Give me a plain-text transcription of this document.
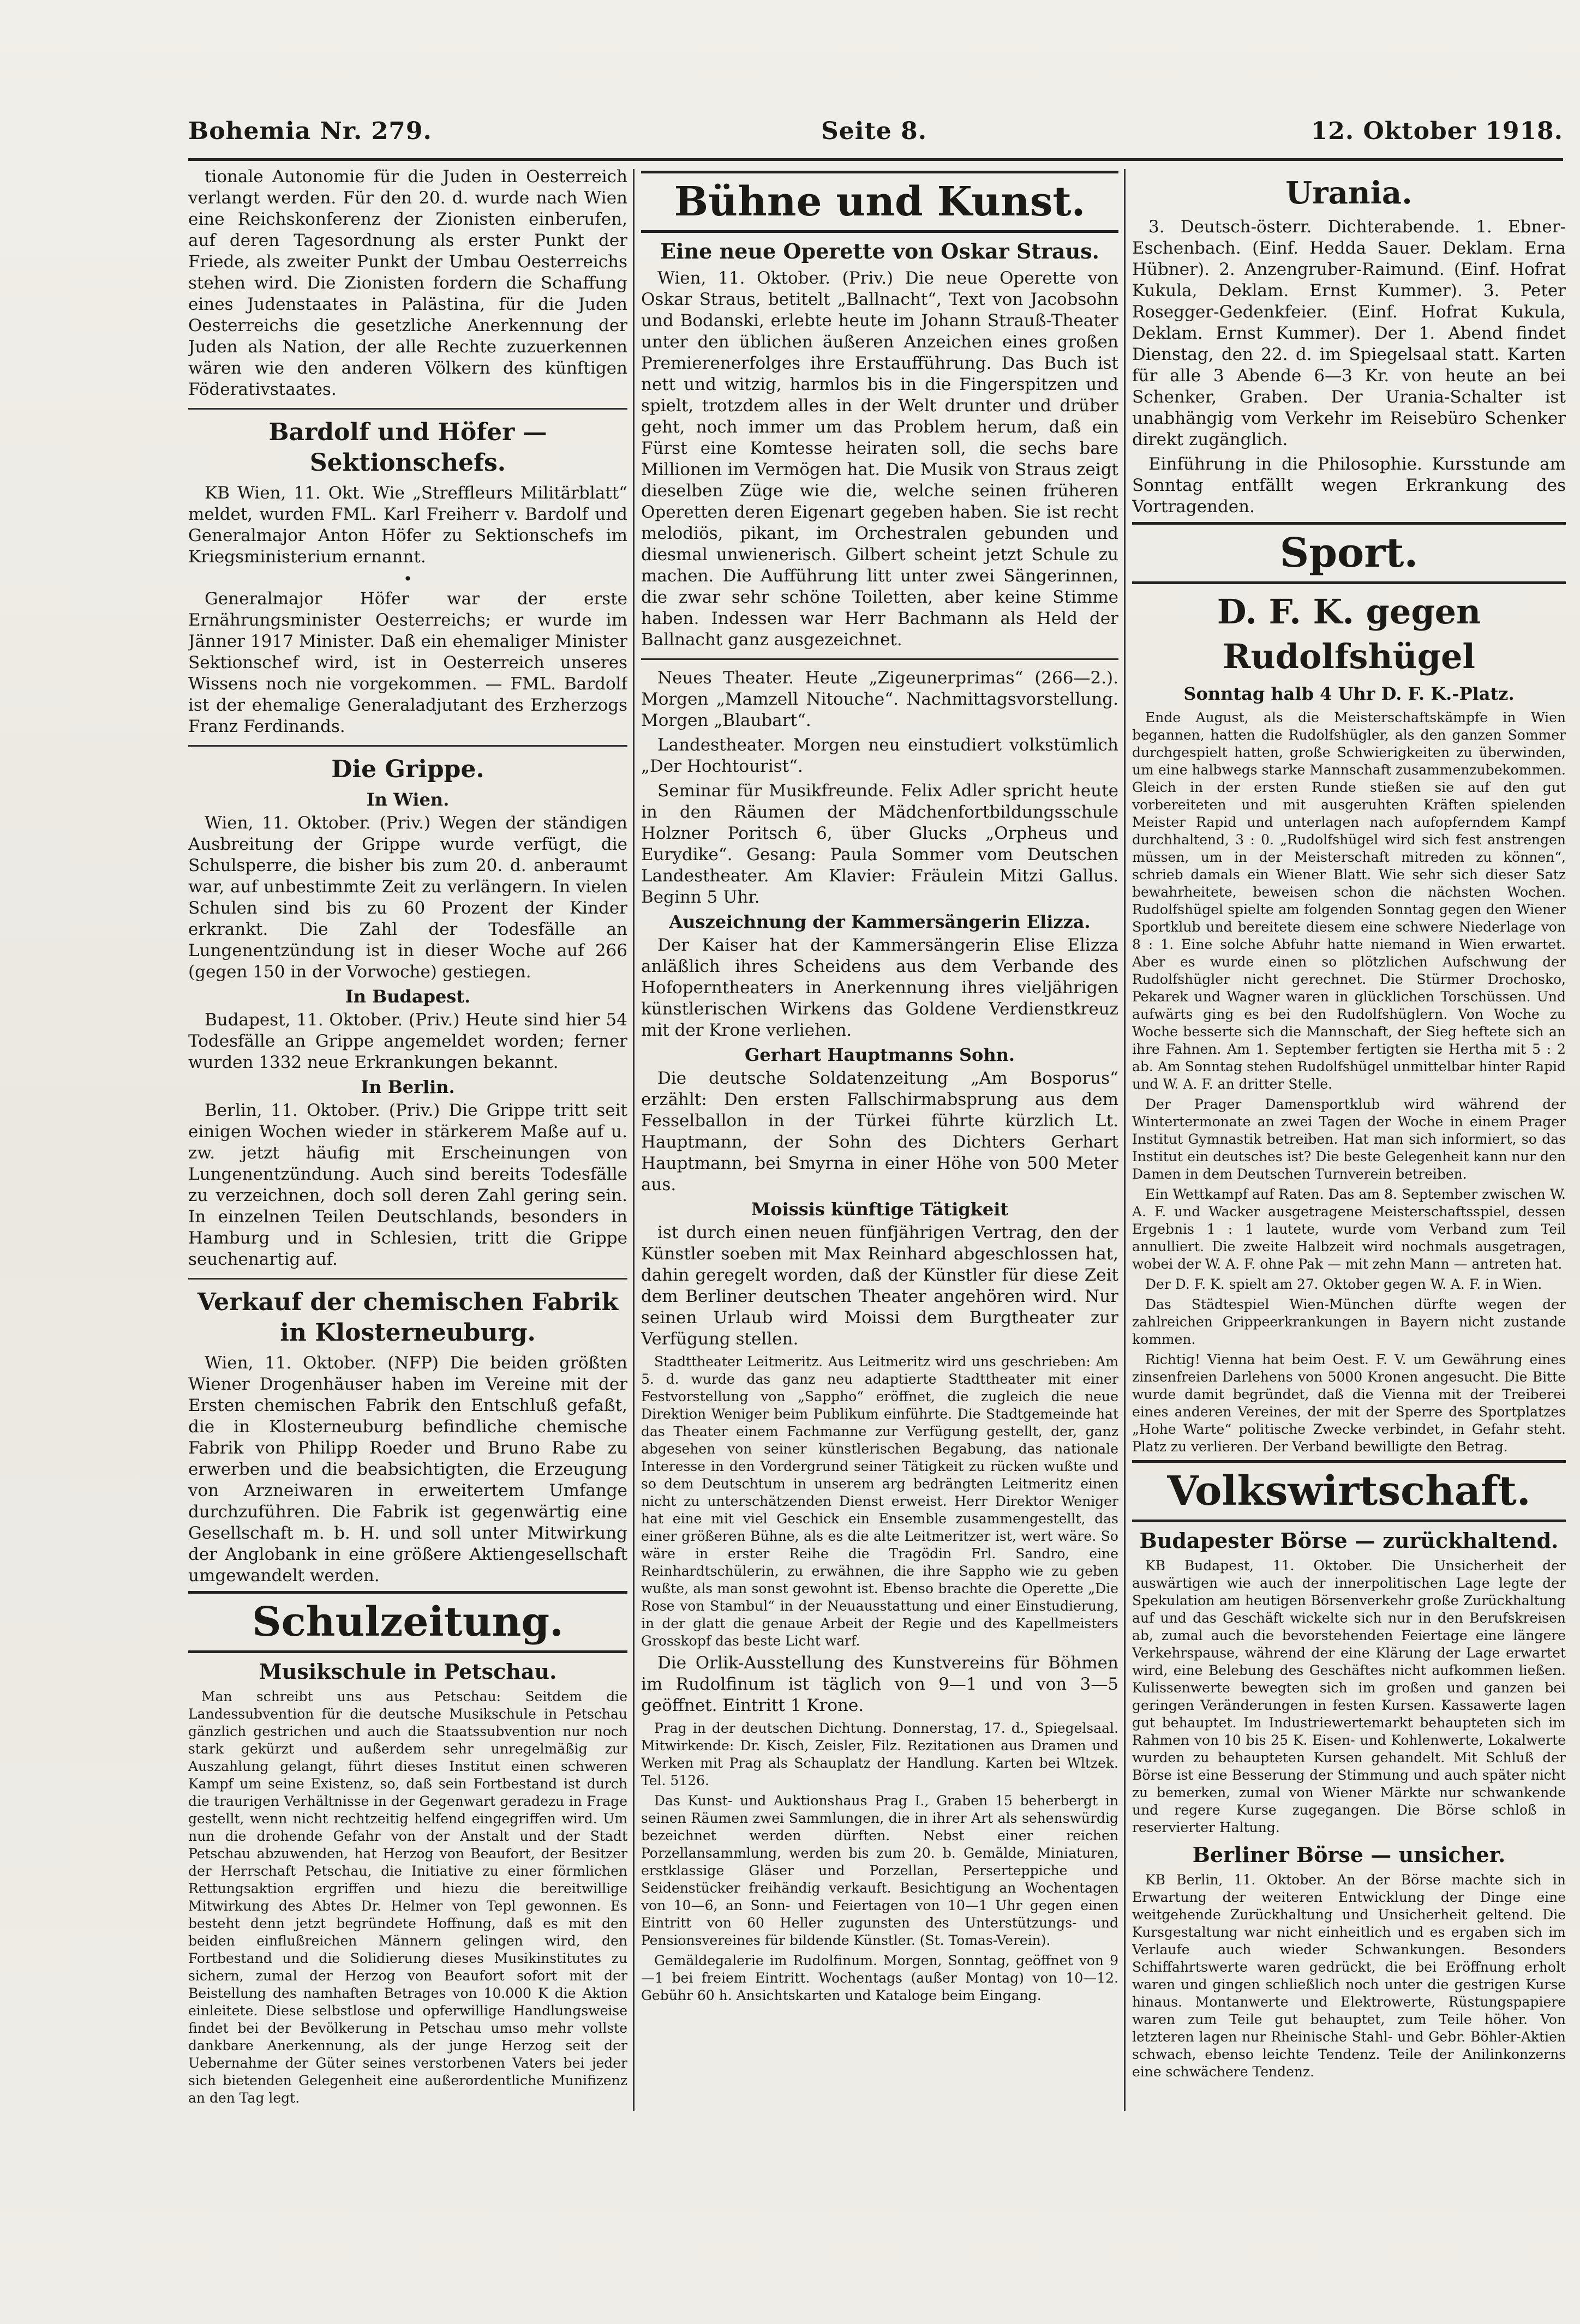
Bohemia Nr. 279.	Seite 8.	12. Oktober 1918.

tionale Autonomie für die Juden in Oesterreich verlangt werden. Für den 20. d. wurde nach Wien eine Reichskonferenz der Zionisten einberufen, auf deren Tagesordnung als erster Punkt der Friede, als zweiter Punkt der Umbau Oesterreichs stehen wird. Die Zionisten fordern die Schaffung eines Judenstaates in Palästina, für die Juden Oesterreichs die gesetzliche Anerkennung der Juden als Nation, der alle Rechte zuzuerkennen wären wie den anderen Völkern des künftigen Föderativstaates.

Bardolf und Höfer — Sektionschefs.

KB Wien, 11. Okt. Wie „Streffleurs Militärblatt“ meldet, wurden FML. Karl Freiherr v. Bardolf und Generalmajor Anton Höfer zu Sektionschefs im Kriegsministerium ernannt.

•

Generalmajor Höfer war der erste Ernährungsminister Oesterreichs; er wurde im Jänner 1917 Minister. Daß ein ehemaliger Minister Sektionschef wird, ist in Oesterreich unseres Wissens noch nie vorgekommen. — FML. Bardolf ist der ehemalige Generaladjutant des Erzherzogs Franz Ferdinands.

Die Grippe.
In Wien.

Wien, 11. Oktober. (Priv.) Wegen der ständigen Ausbreitung der Grippe wurde verfügt, die Schulsperre, die bisher bis zum 20. d. anberaumt war, auf unbestimmte Zeit zu verlängern. In vielen Schulen sind bis zu 60 Prozent der Kinder erkrankt. Die Zahl der Todesfälle an Lungenentzündung ist in dieser Woche auf 266 (gegen 150 in der Vorwoche) gestiegen.

In Budapest.

Budapest, 11. Oktober. (Priv.) Heute sind hier 54 Todesfälle an Grippe angemeldet worden; ferner wurden 1332 neue Erkrankungen bekannt.

In Berlin.

Berlin, 11. Oktober. (Priv.) Die Grippe tritt seit einigen Wochen wieder in stärkerem Maße auf u. zw. jetzt häufig mit Erscheinungen von Lungenentzündung. Auch sind bereits Todesfälle zu verzeichnen, doch soll deren Zahl gering sein. In einzelnen Teilen Deutschlands, besonders in Hamburg und in Schlesien, tritt die Grippe seuchenartig auf.

Verkauf der chemischen Fabrik in Klosterneuburg.

Wien, 11. Oktober. (NFP) Die beiden größten Wiener Drogenhäuser haben im Vereine mit der Ersten chemischen Fabrik den Entschluß gefaßt, die in Klosterneuburg befindliche chemische Fabrik von Philipp Roeder und Bruno Rabe zu erwerben und die beabsichtigten, die Erzeugung von Arzneiwaren in erweitertem Umfange durchzuführen. Die Fabrik ist gegenwärtig eine Gesellschaft m. b. H. und soll unter Mitwirkung der Anglobank in eine größere Aktiengesellschaft umgewandelt werden.

Schulzeitung.
Musikschule in Petschau.

Man schreibt uns aus Petschau: Seitdem die Landessubvention für die deutsche Musikschule in Petschau gänzlich gestrichen und auch die Staatssubvention nur noch stark gekürzt und außerdem sehr unregelmäßig zur Auszahlung gelangt, führt dieses Institut einen schweren Kampf um seine Existenz, so, daß sein Fortbestand ist durch die traurigen Verhältnisse in der Gegenwart geradezu in Frage gestellt, wenn nicht rechtzeitig helfend eingegriffen wird. Um nun die drohende Gefahr von der Anstalt und der Stadt Petschau abzuwenden, hat Herzog von Beaufort, der Besitzer der Herrschaft Petschau, die Initiative zu einer förmlichen Rettungsaktion ergriffen und hiezu die bereitwillige Mitwirkung des Abtes Dr. Helmer von Tepl gewonnen. Es besteht denn jetzt begründete Hoffnung, daß es mit den beiden einflußreichen Männern gelingen wird, den Fortbestand und die Solidierung dieses Musikinstitutes zu sichern, zumal der Herzog von Beaufort sofort mit der Beistellung des namhaften Betrages von 10.000 K die Aktion einleitete. Diese selbstlose und opferwillige Handlungsweise findet bei der Bevölkerung in Petschau umso mehr vollste dankbare Anerkennung, als der junge Herzog seit der Uebernahme der Güter seines verstorbenen Vaters bei jeder sich bietenden Gelegenheit eine außerordentliche Munifizenz an den Tag legt.

Bühne und Kunst.
Eine neue Operette von Oskar Straus.

Wien, 11. Oktober. (Priv.) Die neue Operette von Oskar Straus, betitelt „Ballnacht“, Text von Jacobsohn und Bodanski, erlebte heute im Johann Strauß-Theater unter den üblichen äußeren Anzeichen eines großen Premierenerfolges ihre Erstaufführung. Das Buch ist nett und witzig, harmlos bis in die Fingerspitzen und spielt, trotzdem alles in der Welt drunter und drüber geht, noch immer um das Problem herum, daß ein Fürst eine Komtesse heiraten soll, die sechs bare Millionen im Vermögen hat. Die Musik von Straus zeigt dieselben Züge wie die, welche seinen früheren Operetten deren Eigenart gegeben haben. Sie ist recht melodiös, pikant, im Orchestralen gebunden und diesmal unwienerisch. Gilbert scheint jetzt Schule zu machen. Die Aufführung litt unter zwei Sängerinnen, die zwar sehr schöne Toiletten, aber keine Stimme haben. Indessen war Herr Bachmann als Held der Ballnacht ganz ausgezeichnet.

Neues Theater. Heute „Zigeunerprimas“ (266—2.). Morgen „Mamzell Nitouche“. Nachmittagsvorstellung. Morgen „Blaubart“.

Landestheater. Morgen neu einstudiert volkstümlich „Der Hochtourist“.

Seminar für Musikfreunde. Felix Adler spricht heute in den Räumen der Mädchenfortbildungsschule Holzner Poritsch 6, über Glucks „Orpheus und Eurydike“. Gesang: Paula Sommer vom Deutschen Landestheater. Am Klavier: Fräulein Mitzi Gallus. Beginn 5 Uhr.

Auszeichnung der Kammersängerin Elizza.

Der Kaiser hat der Kammersängerin Elise Elizza anläßlich ihres Scheidens aus dem Verbande des Hofoperntheaters in Anerkennung ihres vieljährigen künstlerischen Wirkens das Goldene Verdienstkreuz mit der Krone verliehen.

Gerhart Hauptmanns Sohn.

Die deutsche Soldatenzeitung „Am Bosporus“ erzählt: Den ersten Fallschirmabsprung aus dem Fesselballon in der Türkei führte kürzlich Lt. Hauptmann, der Sohn des Dichters Gerhart Hauptmann, bei Smyrna in einer Höhe von 500 Meter aus.

Moissis künftige Tätigkeit

ist durch einen neuen fünfjährigen Vertrag, den der Künstler soeben mit Max Reinhard abgeschlossen hat, dahin geregelt worden, daß der Künstler für diese Zeit dem Berliner deutschen Theater angehören wird. Nur seinen Urlaub wird Moissi dem Burgtheater zur Verfügung stellen.

Stadttheater Leitmeritz. Aus Leitmeritz wird uns geschrieben: Am 5. d. wurde das ganz neu adaptierte Stadttheater mit einer Festvorstellung von „Sappho“ eröffnet, die zugleich die neue Direktion Weniger beim Publikum einführte. Die Stadtgemeinde hat das Theater einem Fachmanne zur Verfügung gestellt, der, ganz abgesehen von seiner künstlerischen Begabung, das nationale Interesse in den Vordergrund seiner Tätigkeit zu rücken wußte und so dem Deutschtum in unserem arg bedrängten Leitmeritz einen nicht zu unterschätzenden Dienst erweist. Herr Direktor Weniger hat eine mit viel Geschick ein Ensemble zusammengestellt, das einer größeren Bühne, als es die alte Leitmeritzer ist, wert wäre. So wäre in erster Reihe die Tragödin Frl. Sandro, eine Reinhardtschülerin, zu erwähnen, die ihre Sappho wie zu geben wußte, als man sonst gewohnt ist. Ebenso brachte die Operette „Die Rose von Stambul“ in der Neuausstattung und einer Einstudierung, in der glatt die genaue Arbeit der Regie und des Kapellmeisters Grosskopf das beste Licht warf.

Die Orlik-Ausstellung des Kunstvereins für Böhmen im Rudolfinum ist täglich von 9—1 und von 3—5 geöffnet. Eintritt 1 Krone.

Prag in der deutschen Dichtung. Donnerstag, 17. d., Spiegelsaal. Mitwirkende: Dr. Kisch, Zeisler, Filz. Rezitationen aus Dramen und Werken mit Prag als Schauplatz der Handlung. Karten bei Wltzek. Tel. 5126.

Das Kunst- und Auktionshaus Prag I., Graben 15 beherbergt in seinen Räumen zwei Sammlungen, die in ihrer Art als sehenswürdig bezeichnet werden dürften. Nebst einer reichen Porzellansammlung, werden bis zum 20. b. Gemälde, Miniaturen, erstklassige Gläser und Porzellan, Perserteppiche und Seidenstücker freihändig verkauft. Besichtigung an Wochentagen von 10—6, an Sonn- und Feiertagen von 10—1 Uhr gegen einen Eintritt von 60 Heller zugunsten des Unterstützungs- und Pensionsvereines für bildende Künstler. (St. Tomas-Verein).

Gemäldegalerie im Rudolfinum. Morgen, Sonntag, geöffnet von 9—1 bei freiem Eintritt. Wochentags (außer Montag) von 10—12. Gebühr 60 h. Ansichtskarten und Kataloge beim Eingang.

Urania.

3. Deutsch-österr. Dichterabende. 1. Ebner-Eschenbach. (Einf. Hedda Sauer. Deklam. Erna Hübner). 2. Anzengruber-Raimund. (Einf. Hofrat Kukula, Deklam. Ernst Kummer). 3. Peter Rosegger-Gedenkfeier. (Einf. Hofrat Kukula, Deklam. Ernst Kummer). Der 1. Abend findet Dienstag, den 22. d. im Spiegelsaal statt. Karten für alle 3 Abende 6—3 Kr. von heute an bei Schenker, Graben. Der Urania-Schalter ist unabhängig vom Verkehr im Reisebüro Schenker direkt zugänglich.

Einführung in die Philosophie. Kursstunde am Sonntag entfällt wegen Erkrankung des Vortragenden.

Sport.
D. F. K. gegen Rudolfshügel
Sonntag halb 4 Uhr D. F. K.-Platz.

Ende August, als die Meisterschaftskämpfe in Wien begannen, hatten die Rudolfshügler, als den ganzen Sommer durchgespielt hatten, große Schwierigkeiten zu überwinden, um eine halbwegs starke Mannschaft zusammenzubekommen. Gleich in der ersten Runde stießen sie auf den gut vorbereiteten und mit ausgeruhten Kräften spielenden Meister Rapid und unterlagen nach aufopferndem Kampf durchhaltend, 3 : 0. „Rudolfshügel wird sich fest anstrengen müssen, um in der Meisterschaft mitreden zu können“, schrieb damals ein Wiener Blatt. Wie sehr sich dieser Satz bewahrheitete, beweisen schon die nächsten Wochen. Rudolfshügel spielte am folgenden Sonntag gegen den Wiener Sportklub und bereitete diesem eine schwere Niederlage von 8 : 1. Eine solche Abfuhr hatte niemand in Wien erwartet. Aber es wurde einen so plötzlichen Aufschwung der Rudolfshügler nicht gerechnet. Die Stürmer Drochosko, Pekarek und Wagner waren in glücklichen Torschüssen. Und aufwärts ging es bei den Rudolfshüglern. Von Woche zu Woche besserte sich die Mannschaft, der Sieg heftete sich an ihre Fahnen. Am 1. September fertigten sie Hertha mit 5 : 2 ab. Am Sonntag stehen Rudolfshügel unmittelbar hinter Rapid und W. A. F. an dritter Stelle.

Der Prager Damensportklub wird während der Wintertermonate an zwei Tagen der Woche in einem Prager Institut Gymnastik betreiben. Hat man sich informiert, so das Institut ein deutsches ist? Die beste Gelegenheit kann nur den Damen in dem Deutschen Turnverein betreiben.

Ein Wettkampf auf Raten. Das am 8. September zwischen W. A. F. und Wacker ausgetragene Meisterschaftsspiel, dessen Ergebnis 1 : 1 lautete, wurde vom Verband zum Teil annulliert. Die zweite Halbzeit wird nochmals ausgetragen, wobei der W. A. F. ohne Pak — mit zehn Mann — antreten hat.

Der D. F. K. spielt am 27. Oktober gegen W. A. F. in Wien.

Das Städtespiel Wien-München dürfte wegen der zahlreichen Grippeerkrankungen in Bayern nicht zustande kommen.

Richtig! Vienna hat beim Oest. F. V. um Gewährung eines zinsenfreien Darlehens von 5000 Kronen angesucht. Die Bitte wurde damit begründet, daß die Vienna mit der Treiberei eines anderen Vereines, der mit der Sperre des Sportplatzes „Hohe Warte“ politische Zwecke verbindet, in Gefahr steht. Platz zu verlieren. Der Verband bewilligte den Betrag.

Volkswirtschaft.
Budapester Börse — zurückhaltend.

KB Budapest, 11. Oktober. Die Unsicherheit der auswärtigen wie auch der innerpolitischen Lage legte der Spekulation am heutigen Börsenverkehr große Zurückhaltung auf und das Geschäft wickelte sich nur in den Berufskreisen ab, zumal auch die bevorstehenden Feiertage eine längere Verkehrspause, während der eine Klärung der Lage erwartet wird, eine Belebung des Geschäftes nicht aufkommen ließen. Kulissenwerte bewegten sich im großen und ganzen bei geringen Veränderungen in festen Kursen. Kassawerte lagen gut behauptet. Im Industriewertemarkt behaupteten sich im Rahmen von 10 bis 25 K. Eisen- und Kohlenwerte, Lokalwerte wurden zu behaupteten Kursen gehandelt. Mit Schluß der Börse ist eine Besserung der Stimmung und auch später nicht zu bemerken, zumal von Wiener Märkte nur schwankende und regere Kurse zugegangen. Die Börse schloß in reservierter Haltung.

Berliner Börse — unsicher.

KB Berlin, 11. Oktober. An der Börse machte sich in Erwartung der weiteren Entwicklung der Dinge eine weitgehende Zurückhaltung und Unsicherheit geltend. Die Kursgestaltung war nicht einheitlich und es ergaben sich im Verlaufe auch wieder Schwankungen. Besonders Schiffahrtswerte waren gedrückt, die bei Eröffnung erholt waren und gingen schließlich noch unter die gestrigen Kurse hinaus. Montanwerte und Elektrowerte, Rüstungspapiere waren zum Teile gut behauptet, zum Teile höher. Von letzteren lagen nur Rheinische Stahl- und Gebr. Böhler-Aktien schwach, ebenso leichte Tendenz. Teile der Anilinkonzerns eine schwächere Tendenz.
